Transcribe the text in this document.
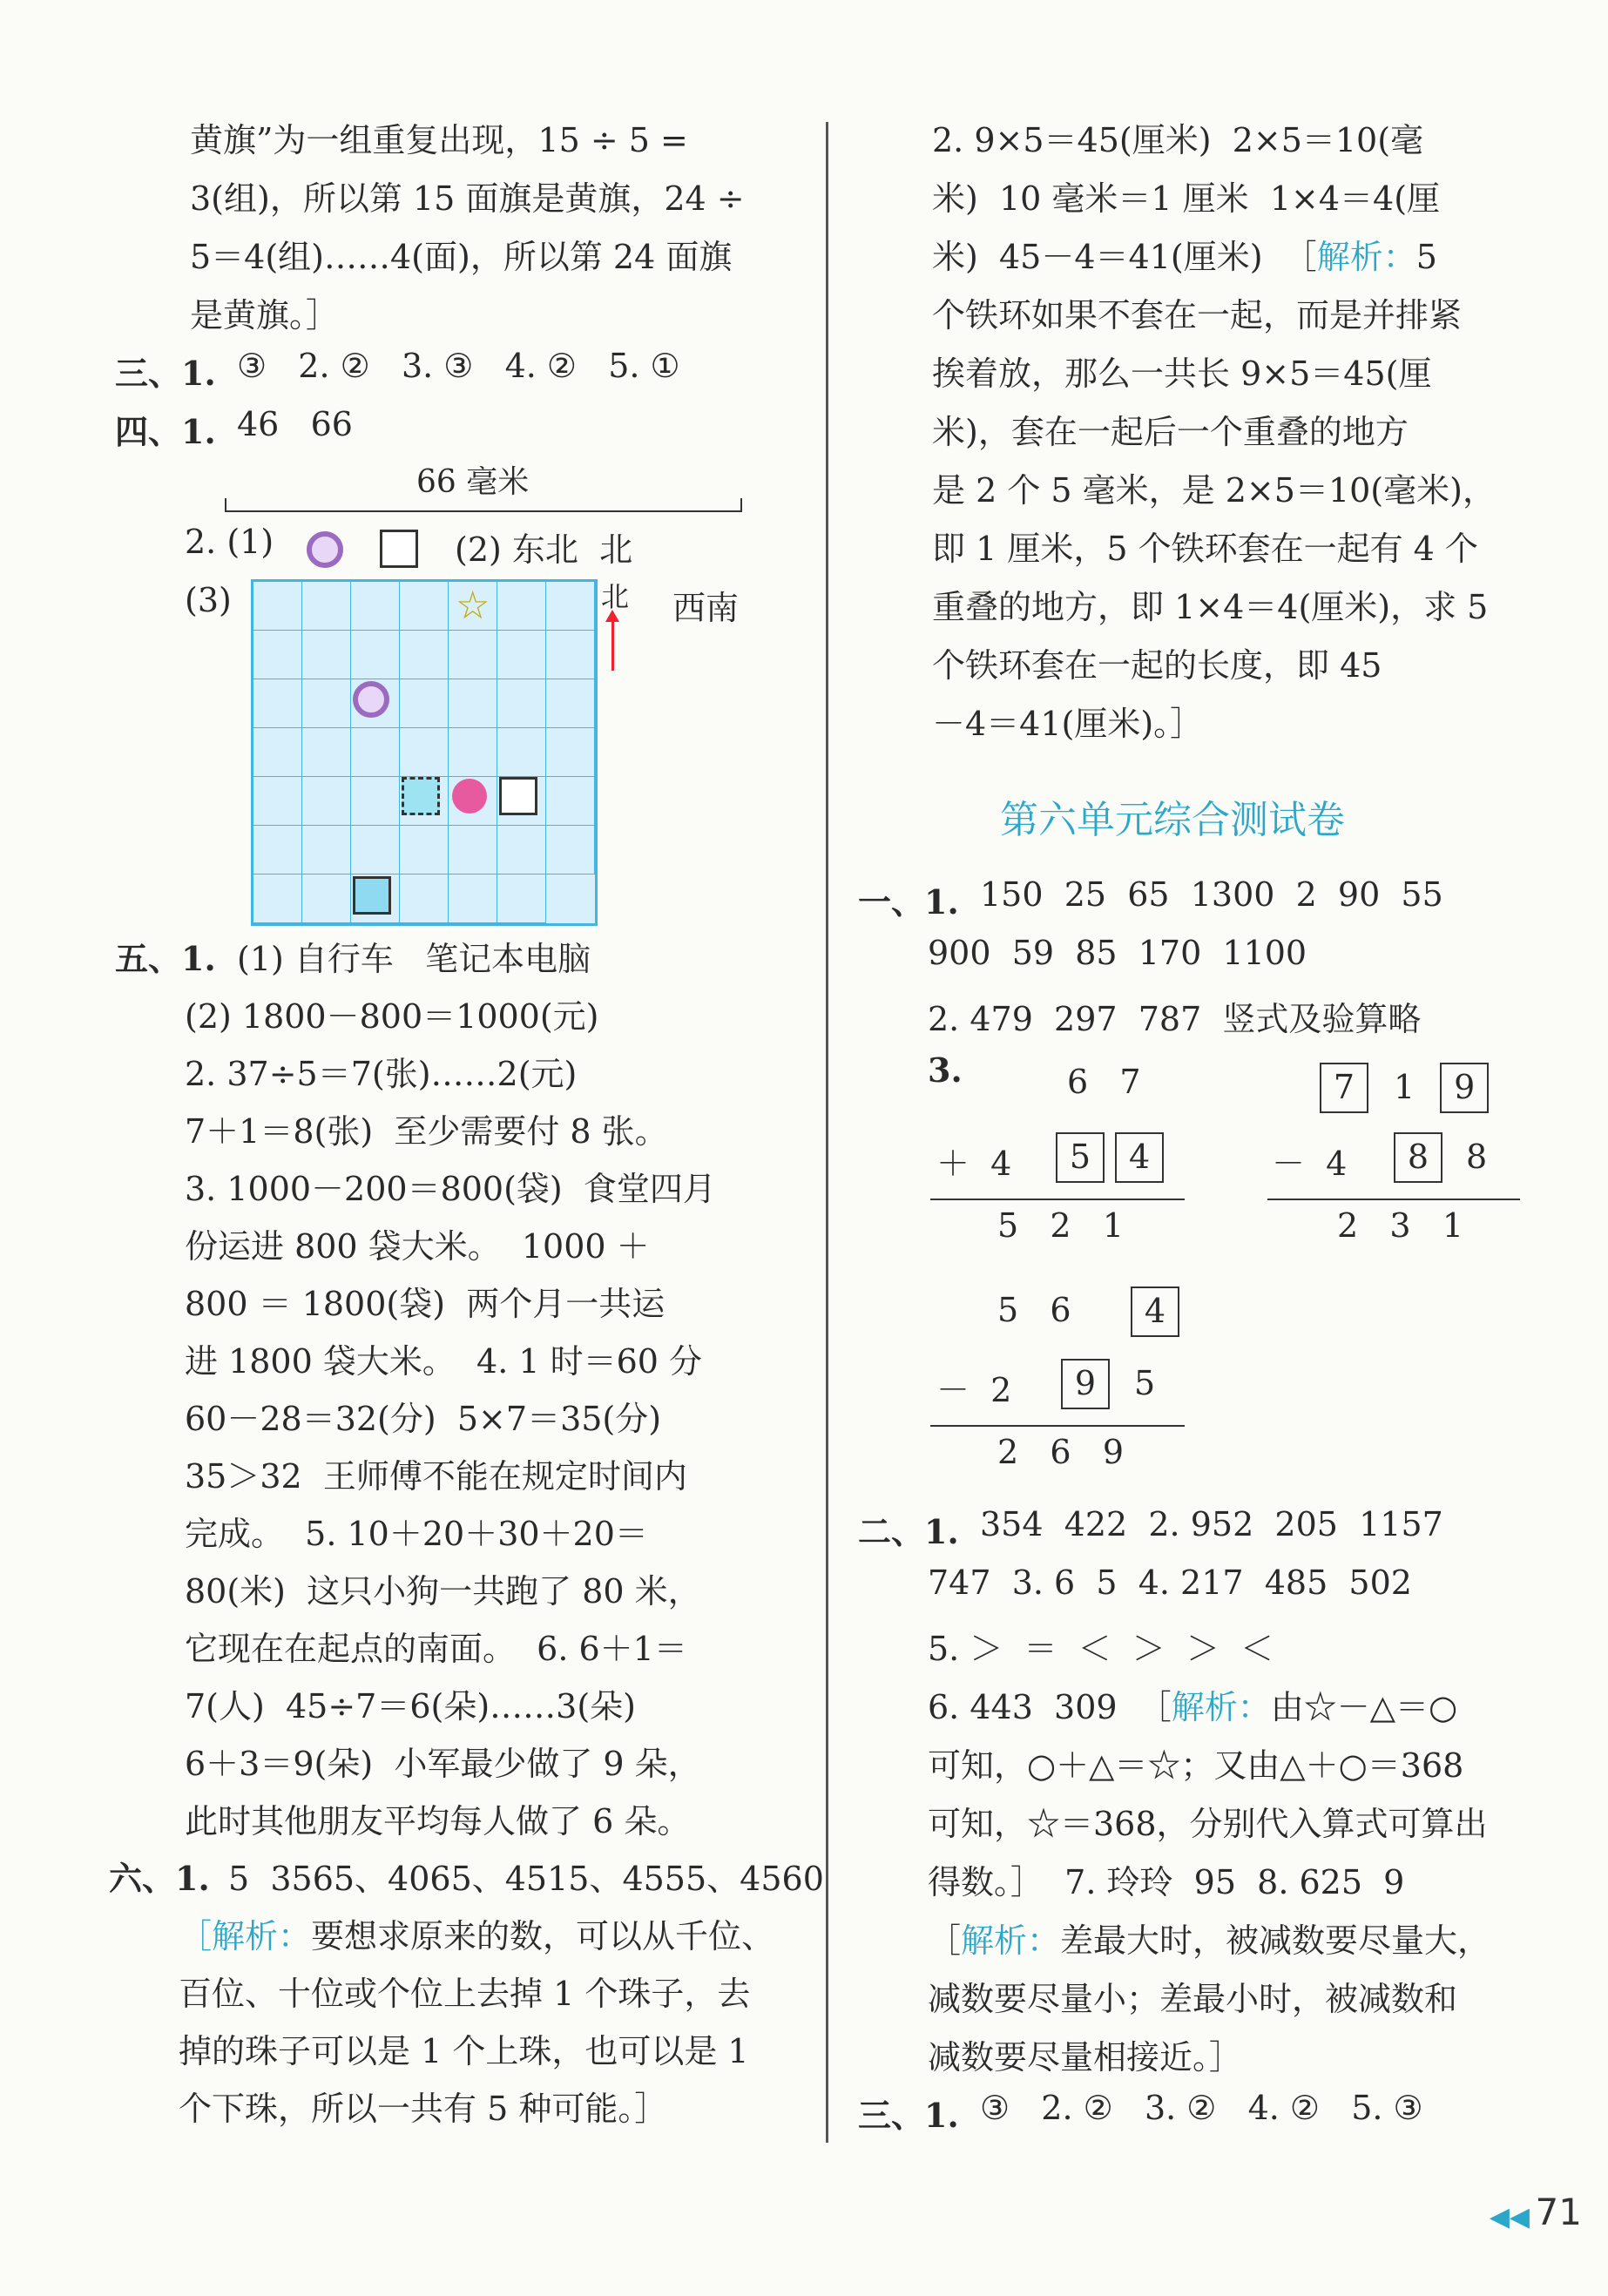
黄旗”为一组重复出现，15 ÷ 5 =
3(组)，所以第 15 面旗是黄旗，24 ÷
5＝4(组)……4(面)，所以第 24 面旗
是黄旗。］
三、1. ③   2. ②   3. ③   4. ②   5. ①
四、1. 46   66
66 毫米
2. (1)	(2) 东北  北
(3)	☆	北 西南
五、1. (1) 自行车   笔记本电脑
(2) 1800－800＝1000(元)
2. 37÷5＝7(张)……2(元)
7＋1＝8(张)  至少需要付 8 张。
3. 1000－200＝800(袋)  食堂四月
份运进 800 袋大米。  1000 ＋
800 ＝ 1800(袋)  两个月一共运
进 1800 袋大米。  4. 1 时＝60 分
60－28＝32(分)  5×7＝35(分)
35＞32  王师傅不能在规定时间内
完成。  5. 10＋20＋30＋20＝
80(米)  这只小狗一共跑了 80 米，
它现在在起点的南面。  6. 6＋1＝
7(人)  45÷7＝6(朵)……3(朵)
6＋3＝9(朵)  小军最少做了 9 朵，
此时其他朋友平均每人做了 6 朵。
六、1. 5  3565、4065、4515、4555、4560
［解析：要想求原来的数，可以从千位、
百位、十位或个位上去掉 1 个珠子，去
掉的珠子可以是 1 个上珠，也可以是 1
个下珠，所以一共有 5 种可能。］
2. 9×5＝45(厘米)  2×5＝10(毫
米)  10 毫米＝1 厘米  1×4＝4(厘
米)  45－4＝41(厘米)  ［解析：5
个铁环如果不套在一起，而是并排紧
挨着放，那么一共长 9×5＝45(厘
米)，套在一起后一个重叠的地方
是 2 个 5 毫米，是 2×5＝10(毫米)，
即 1 厘米，5 个铁环套在一起有 4 个
重叠的地方，即 1×4＝4(厘米)，求 5
个铁环套在一起的长度，即 45
－4＝41(厘米)。］
第六单元综合测试卷
一、1. 150  25  65  1300  2  90  55
900  59  85  170  1100
2. 479  297  787  竖式及验算略
3.	6   7
＋  4	5 4
5   2   1
7 1 9
－  4	8 8
2   3   1
5   6	4
－  2	9 5
2   6   9
二、1. 354  422  2. 952  205  1157
747  3. 6  5  4. 217  485  502
5. ＞  ＝  ＜  ＞  ＞  ＜
6. 443  309  ［解析：由☆－△＝○
可知，○＋△＝☆；又由△＋○＝368
可知，☆＝368，分别代入算式可算出
得数。］  7. 玲玲  95  8. 625  9
［解析：差最大时，被减数要尽量大，
减数要尽量小；差最小时，被减数和
减数要尽量相接近。］
三、1. ③   2. ②   3. ②   4. ②   5. ③
◀◀ 71
